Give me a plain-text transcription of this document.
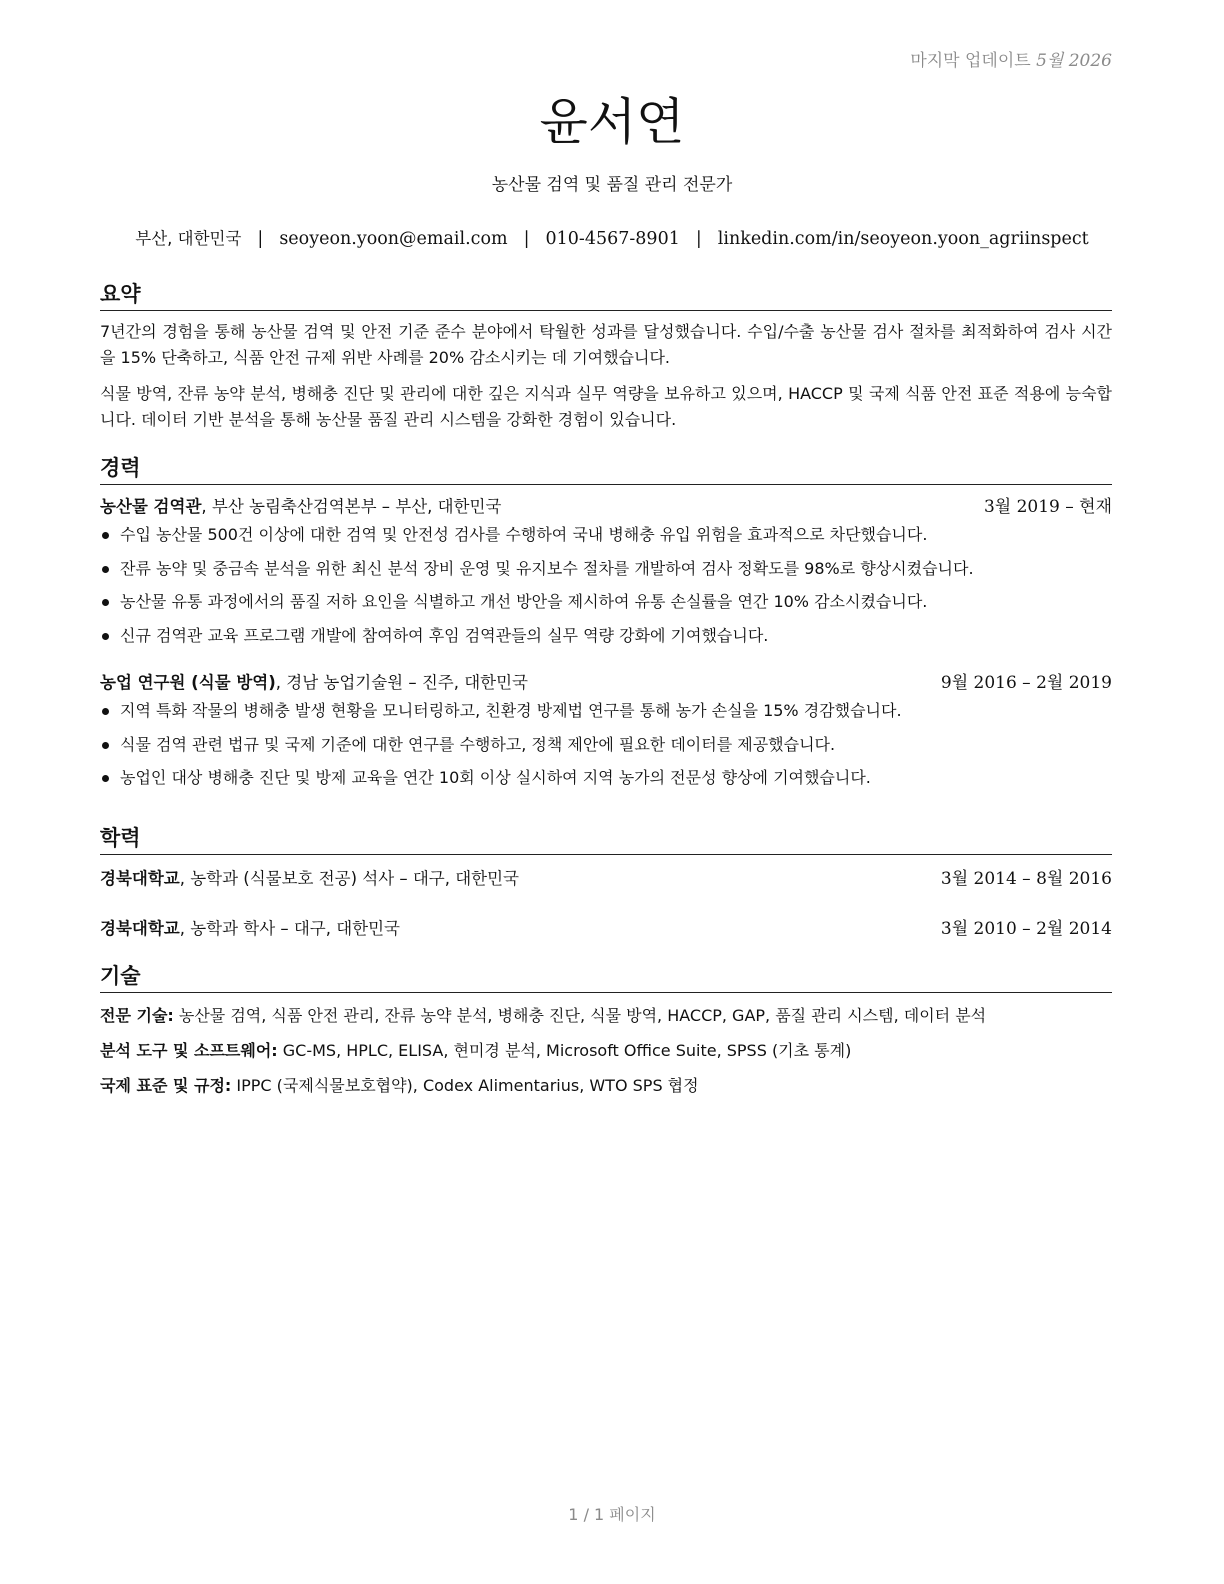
마지막 업데이트 5월 2026
윤서연
농산물 검역 및 품질 관리 전문가
부산, 대한민국 | seoyeon.yoon@email.com | 010-4567-8901 | linkedin.com/in/seoyeon.yoon_agriinspect
요약

7년간의 경험을 통해 농산물 검역 및 안전 기준 준수 분야에서 탁월한 성과를 달성했습니다. 수입/수출 농산물 검사 절차를 최적화하여 검사 시간을 15% 단축하고, 식품 안전 규제 위반 사례를 20% 감소시키는 데 기여했습니다.

식물 방역, 잔류 농약 분석, 병해충 진단 및 관리에 대한 깊은 지식과 실무 역량을 보유하고 있으며, HACCP 및 국제 식품 안전 표준 적용에 능숙합니다. 데이터 기반 분석을 통해 농산물 품질 관리 시스템을 강화한 경험이 있습니다.

경력
농산물 검역관, 부산 농림축산검역본부 – 부산, 대한민국	3월 2019 – 현재
수입 농산물 500건 이상에 대한 검역 및 안전성 검사를 수행하여 국내 병해충 유입 위험을 효과적으로 차단했습니다.
잔류 농약 및 중금속 분석을 위한 최신 분석 장비 운영 및 유지보수 절차를 개발하여 검사 정확도를 98%로 향상시켰습니다.
농산물 유통 과정에서의 품질 저하 요인을 식별하고 개선 방안을 제시하여 유통 손실률을 연간 10% 감소시켰습니다.
신규 검역관 교육 프로그램 개발에 참여하여 후임 검역관들의 실무 역량 강화에 기여했습니다.
농업 연구원 (식물 방역), 경남 농업기술원 – 진주, 대한민국	9월 2016 – 2월 2019
지역 특화 작물의 병해충 발생 현황을 모니터링하고, 친환경 방제법 연구를 통해 농가 손실을 15% 경감했습니다.
식물 검역 관련 법규 및 국제 기준에 대한 연구를 수행하고, 정책 제안에 필요한 데이터를 제공했습니다.
농업인 대상 병해충 진단 및 방제 교육을 연간 10회 이상 실시하여 지역 농가의 전문성 향상에 기여했습니다.
학력
경북대학교, 농학과 (식물보호 전공) 석사 – 대구, 대한민국	3월 2014 – 8월 2016
경북대학교, 농학과 학사 – 대구, 대한민국	3월 2010 – 2월 2014
기술
전문 기술: 농산물 검역, 식품 안전 관리, 잔류 농약 분석, 병해충 진단, 식물 방역, HACCP, GAP, 품질 관리 시스템, 데이터 분석
분석 도구 및 소프트웨어: GC-MS, HPLC, ELISA, 현미경 분석, Microsoft Office Suite, SPSS (기초 통계)
국제 표준 및 규정: IPPC (국제식물보호협약), Codex Alimentarius, WTO SPS 협정
1 / 1 페이지
